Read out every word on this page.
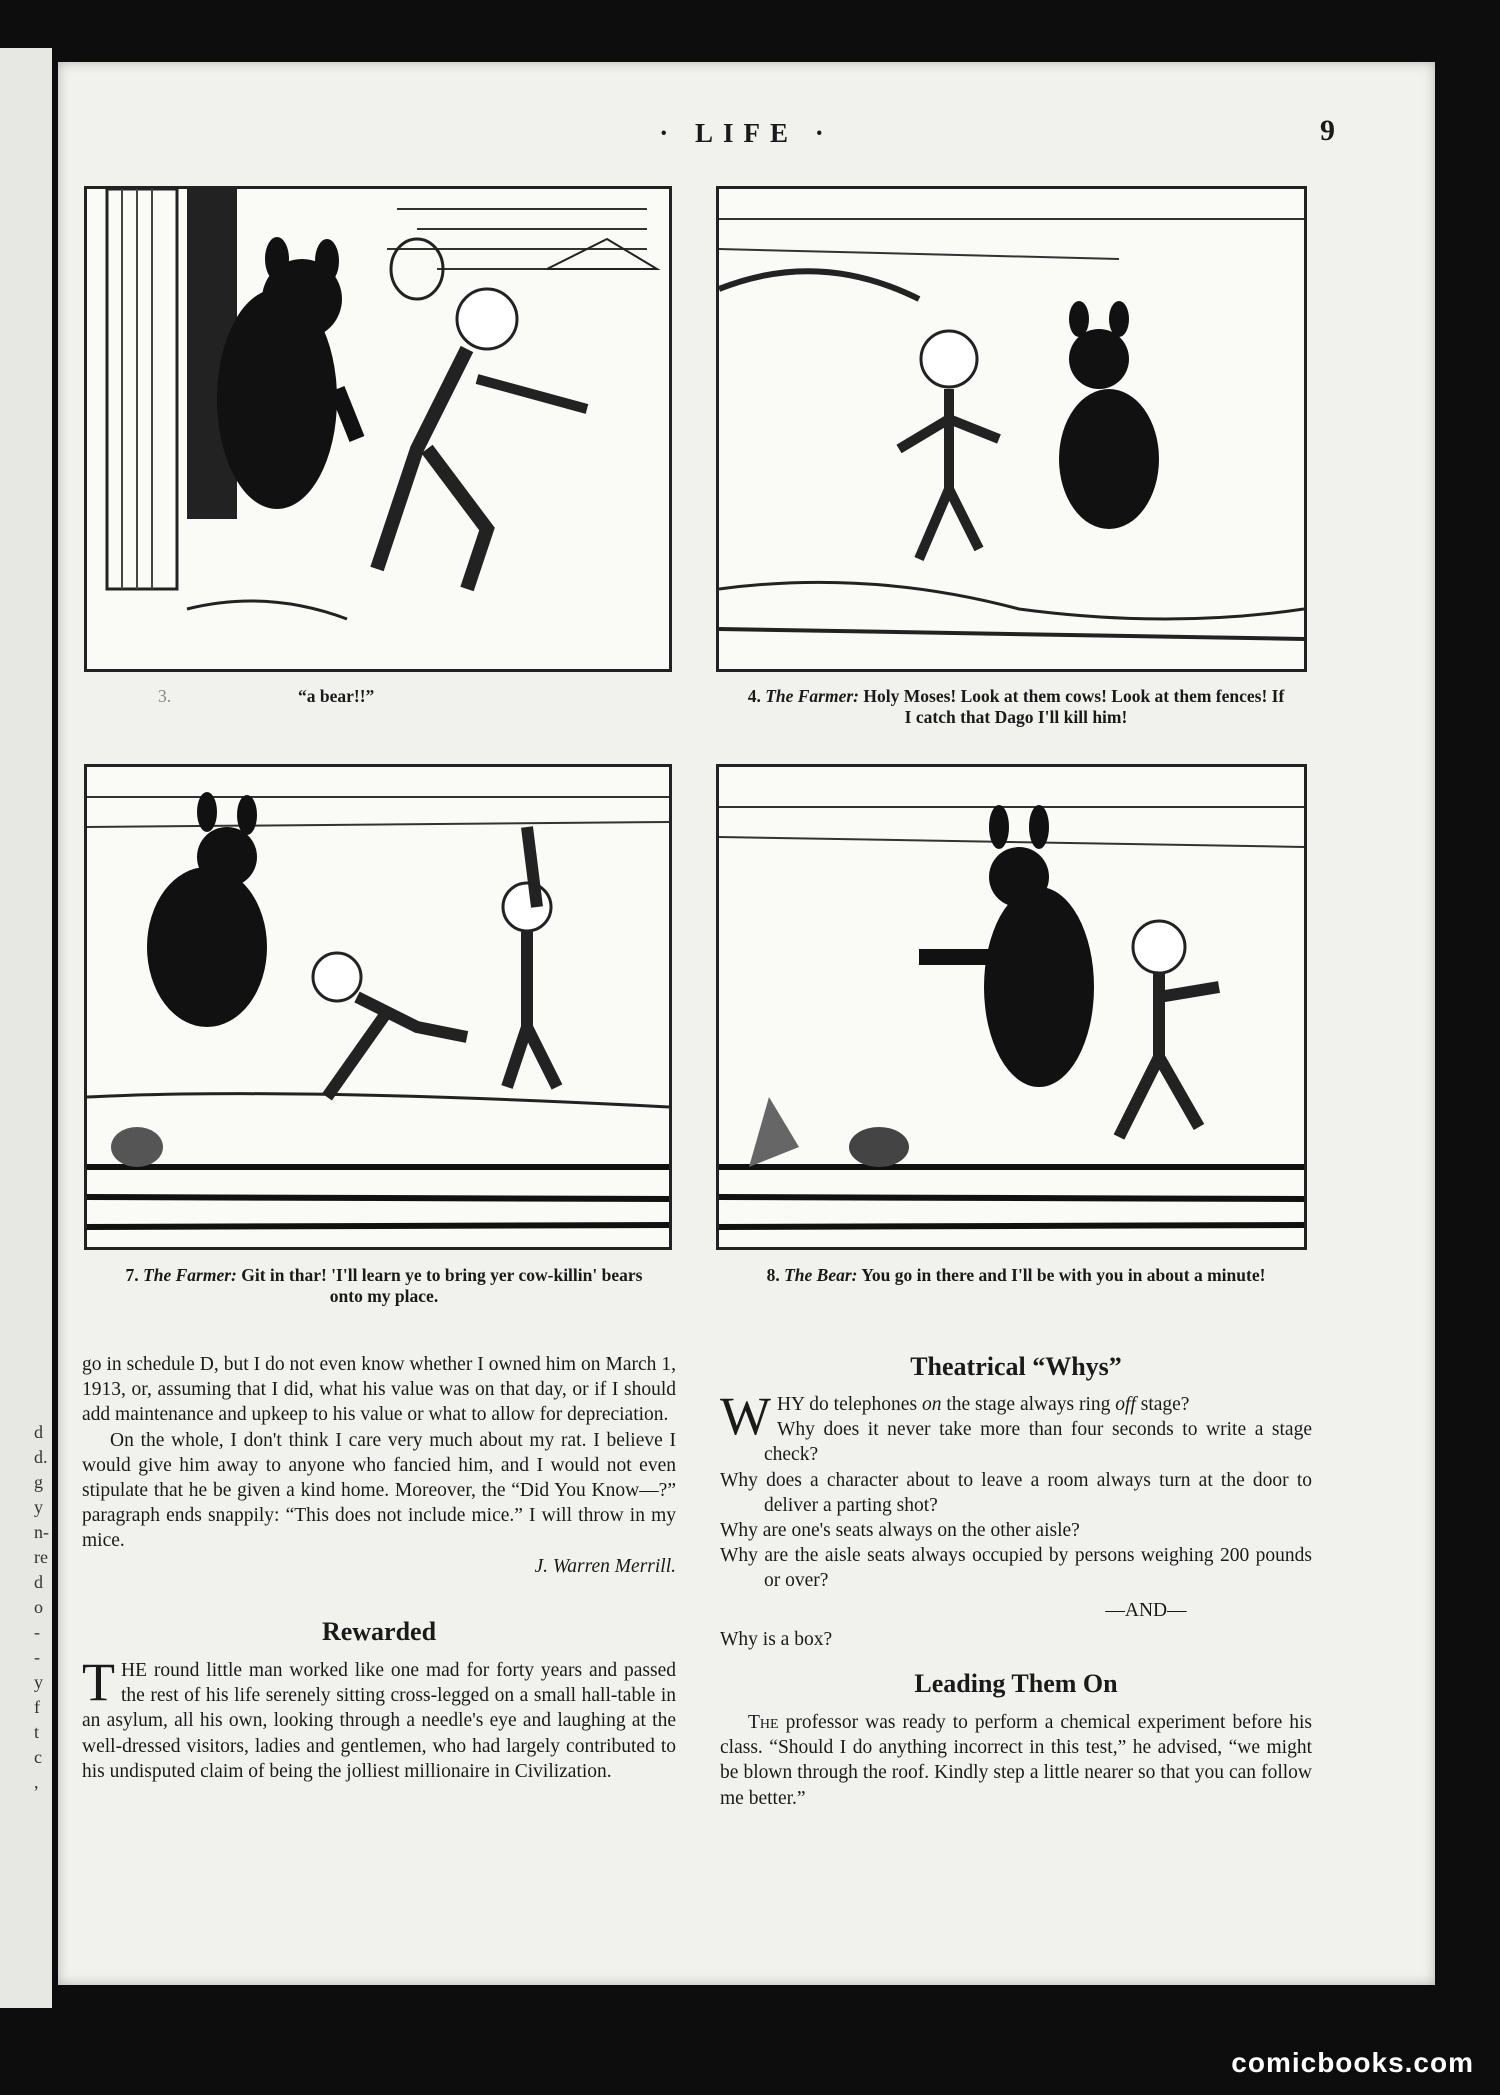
d
d.
g
y
n-
re
d
o
-
-
y
f
t
c
,
· LIFE ·	9
3.	“a bear!!”	4. The Farmer: Holy Moses! Look at them cows! Look at them fences! If I catch that Dago I'll kill him!
7. The Farmer: Git in thar! 'I'll learn ye to bring yer cow-killin' bears onto my place.
8. The Bear: You go in there and I'll be with you in about a minute!

go in schedule D, but I do not even know whether I owned him on March 1, 1913, or, assuming that I did, what his value was on that day, or if I should add maintenance and upkeep to his value or what to allow for depreciation.

On the whole, I don't think I care very much about my rat. I believe I would give him away to anyone who fancied him, and I would not even stipulate that he be given a kind home. Moreover, the “Did You Know—?” paragraph ends snappily: “This does not include mice.” I will throw in my mice.

J. Warren Merrill.

Rewarded

THE round little man worked like one mad for forty years and passed the rest of his life serenely sitting cross-legged on a small hall-table in an asylum, all his own, looking through a needle's eye and laughing at the well-dressed visitors, ladies and gentlemen, who had largely contributed to his undisputed claim of being the jolliest millionaire in Civilization.

Theatrical “Whys”

WHY do telephones on the stage always ring off stage?

Why does it never take more than four seconds to write a stage check?

Why does a character about to leave a room always turn at the door to deliver a parting shot?

Why are one's seats always on the other aisle?

Why are the aisle seats always occupied by persons weighing 200 pounds or over?

—AND—

Why is a box?

Leading Them On

The professor was ready to perform a chemical experiment before his class. “Should I do anything incorrect in this test,” he advised, “we might be blown through the roof. Kindly step a little nearer so that you can follow me better.”

comicbooks.com
